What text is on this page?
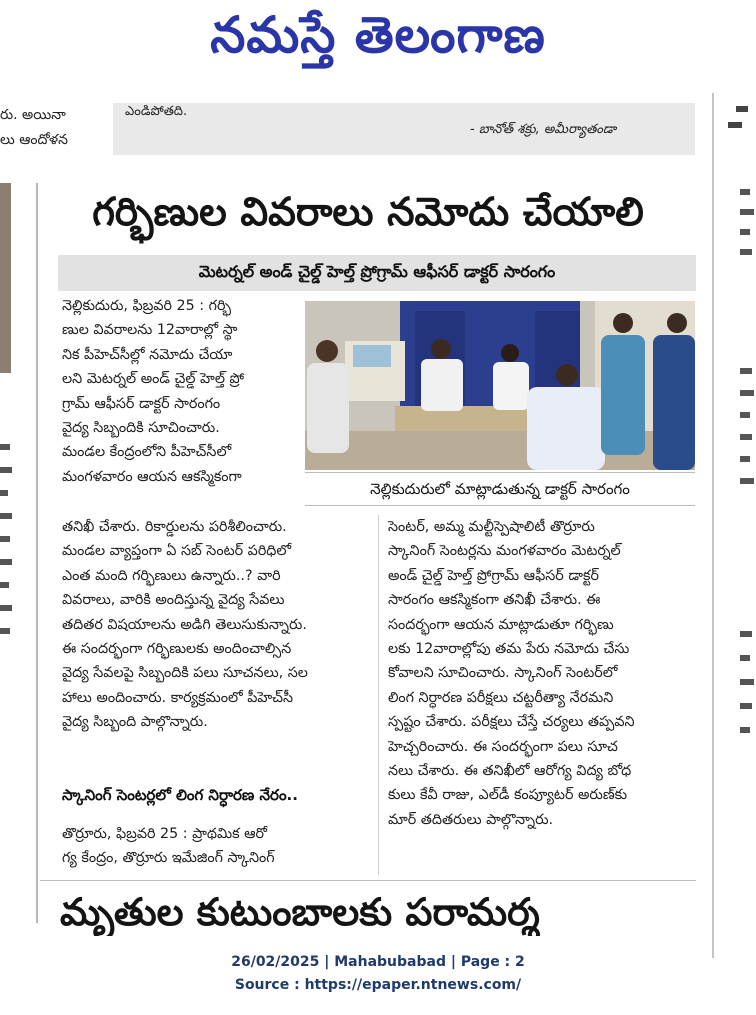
నమస్తే తెలంగాణ
రు. అయినా
లు ఆందోళన
ఎండిపోతది.
- బానోత్ శక్రు, అమీర్యాతండా
గర్భిణుల వివరాలు నమోదు చేయాలి
మెటర్నల్ అండ్ చైల్డ్ హెల్త్ ప్రోగ్రామ్ ఆఫీసర్ డాక్టర్ సారంగం

నెల్లికుదురు, ఫిబ్రవరి 25 : గర్భి

ణుల వివరాలను 12వారాల్లో స్థా

నిక పీహెచ్‌సీల్లో నమోదు చేయా

లని మెటర్నల్ అండ్ చైల్డ్ హెల్త్ ప్రో

గ్రామ్ ఆఫీసర్ డాక్టర్ సారంగం

వైద్య సిబ్బందికి సూచించారు.

మండల కేంద్రంలోని పీహెచ్‌సీలో

మంగళవారం ఆయన ఆకస్మికంగా

నెల్లికుదురులో మాట్లాడుతున్న డాక్టర్ సారంగం

తనిఖీ చేశారు. రికార్డులను పరిశీలించారు.

మండల వ్యాప్తంగా ఏ సబ్ సెంటర్ పరిధిలో

ఎంత మంది గర్భిణులు ఉన్నారు..? వారి

వివరాలు, వారికి అందిస్తున్న వైద్య సేవలు

తదితర విషయాలను అడిగి తెలుసుకున్నారు.

ఈ సందర్భంగా గర్భిణులకు అందించాల్సిన

వైద్య సేవలపై సిబ్బందికి పలు సూచనలు, సల

హాలు అందించారు. కార్యక్రమంలో పీహెచ్‌సీ

వైద్య సిబ్బంది పాల్గొన్నారు.

స్కానింగ్ సెంటర్లలో లింగ నిర్ధారణ నేరం..

తొర్రూరు, ఫిబ్రవరి 25 : ప్రాథమిక ఆరో

గ్య కేంద్రం, తొర్రూరు ఇమేజింగ్ స్కానింగ్

సెంటర్, అమ్మ మల్టీస్పెషాలిటీ తొర్రూరు

స్కానింగ్ సెంటర్లను మంగళవారం మెటర్నల్

అండ్ చైల్డ్ హెల్త్ ప్రోగ్రామ్ ఆఫీసర్ డాక్టర్

సారంగం ఆకస్మికంగా తనిఖీ చేశారు. ఈ

సందర్భంగా ఆయన మాట్లాడుతూ గర్భిణు

లకు 12వారాల్లోపు తమ పేరు నమోదు చేసు

కోవాలని సూచించారు. స్కానింగ్ సెంటర్‌లో

లింగ నిర్ధారణ పరీక్షలు చట్టరీత్యా నేరమని

స్పష్టం చేశారు. పరీక్షలు చేస్తే చర్యలు తప్పవని

హెచ్చరించారు. ఈ సందర్భంగా పలు సూచ

నలు చేశారు. ఈ తనిఖీలో ఆరోగ్య విద్య బోధ

కులు కేవీ రాజు, ఎల్‌డీ కంప్యూటర్ అరుణ్‌కు

మార్ తదితరులు పాల్గొన్నారు.

మృతుల కుటుంబాలకు పరామర్శ
26/02/2025 | Mahabubabad | Page : 2
Source : https://epaper.ntnews.com/
